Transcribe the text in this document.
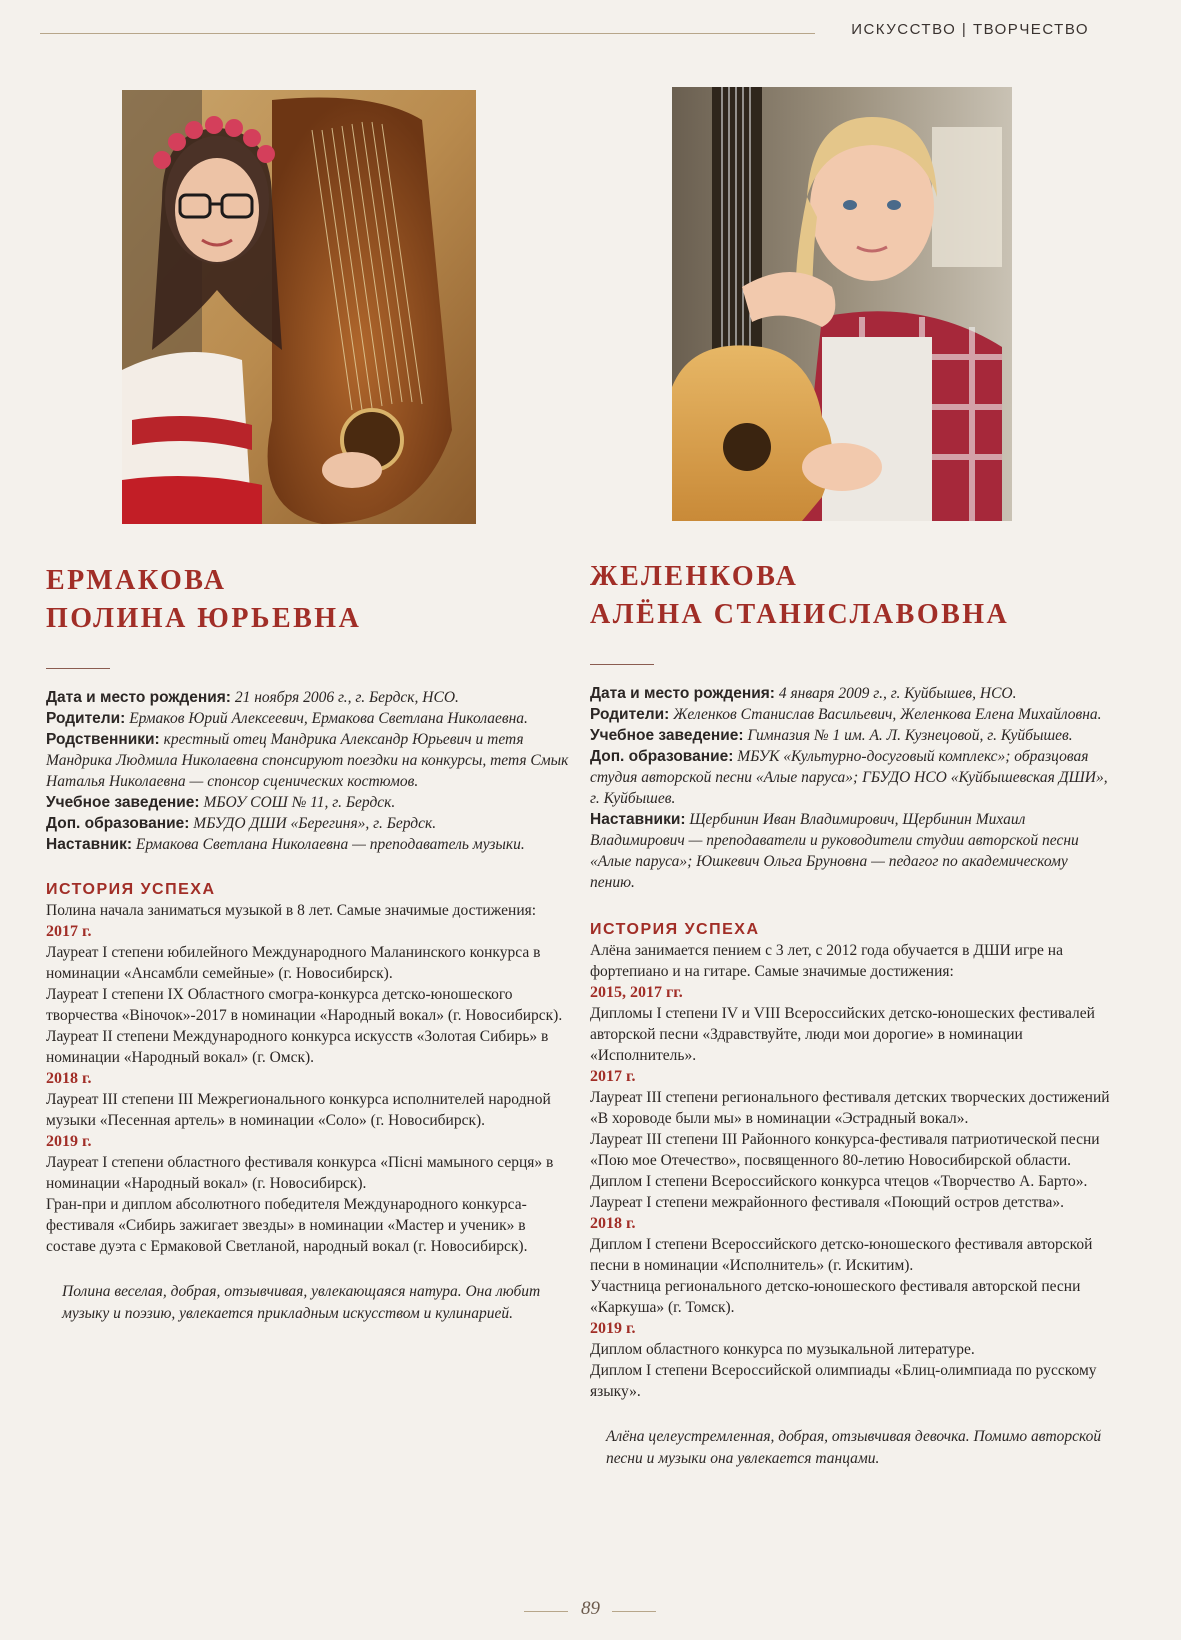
ИСКУССТВО | ТВОРЧЕСТВО
ЕРМАКОВА
ПОЛИНА ЮРЬЕВНА

Дата и место рождения: 21 ноября 2006 г., г. Бердск, НСО.

Родители: Ермаков Юрий Алексеевич, Ермакова Светлана Николаевна.

Родственники: крестный отец Мандрика Александр Юрьевич и тетя Мандрика Людмила Николаевна спонсируют поездки на конкурсы, тетя Смык Наталья Николаевна — спонсор сценических костюмов.

Учебное заведение: МБОУ СОШ № 11, г. Бердск.

Доп. образование: МБУДО ДШИ «Берегиня», г. Бердск.

Наставник: Ермакова Светлана Николаевна — преподаватель музыки.

ИСТОРИЯ УСПЕХА

Полина начала заниматься музыкой в 8 лет. Самые значимые достижения:

2017 г.

Лауреат I степени юбилейного Международного Маланинского конкурса в номинации «Ансамбли семейные» (г. Новосибирск).

Лауреат I степени IX Областного смогра-конкурса детско-юношеского творчества «Віночок»-2017 в номинации «Народный вокал» (г. Новосибирск).

Лауреат II степени Международного конкурса искусств «Золотая Сибирь» в номинации «Народный вокал» (г. Омск).

2018 г.

Лауреат III степени III Межрегионального конкурса исполнителей народной музыки «Песенная артель» в номинации «Соло» (г. Новосибирск).

2019 г.

Лауреат I степени областного фестиваля конкурса «Пісні мамыного серця» в номинации «Народный вокал» (г. Новосибирск).

Гран-при и диплом абсолютного победителя Международного конкурса-фестиваля «Сибирь зажигает звезды» в номинации «Мастер и ученик» в составе дуэта с Ермаковой Светланой, народный вокал (г. Новосибирск).

Полина веселая, добрая, отзывчивая, увлекающаяся натура. Она любит музыку и поэзию, увлекается прикладным искусством и кулинарией.

ЖЕЛЕНКОВА
АЛЁНА СТАНИСЛАВОВНА

Дата и место рождения: 4 января 2009 г., г. Куйбышев, НСО.

Родители: Желенков Станислав Васильевич, Желенкова Елена Михайловна.

Учебное заведение: Гимназия № 1 им. А. Л. Кузнецовой, г. Куйбышев.

Доп. образование: МБУК «Культурно-досуговый комплекс»; образцовая студия авторской песни «Алые паруса»; ГБУДО НСО «Куйбышевская ДШИ», г. Куйбышев.

Наставники: Щербинин Иван Владимирович, Щербинин Михаил Владимирович — преподаватели и руководители студии авторской песни «Алые паруса»; Юшкевич Ольга Бруновна — педагог по академическому пению.

ИСТОРИЯ УСПЕХА

Алёна занимается пением с 3 лет, с 2012 года обучается в ДШИ игре на фортепиано и на гитаре. Самые значимые достижения:

2015, 2017 гг.

Дипломы I степени IV и VIII Всероссийских детско-юношеских фестивалей авторской песни «Здравствуйте, люди мои дорогие» в номинации «Исполнитель».

2017 г.

Лауреат III степени регионального фестиваля детских творческих достижений «В хороводе были мы» в номинации «Эстрадный вокал».

Лауреат III степени III Районного конкурса-фестиваля патриотической песни «Пою мое Отечество», посвященного 80-летию Новосибирской области.

Диплом I степени Всероссийского конкурса чтецов «Творчество А. Барто».

Лауреат I степени межрайонного фестиваля «Поющий остров детства».

2018 г.

Диплом I степени Всероссийского детско-юношеского фестиваля авторской песни в номинации «Исполнитель» (г. Искитим).

Участница регионального детско-юношеского фестиваля авторской песни «Каркуша» (г. Томск).

2019 г.

Диплом областного конкурса по музыкальной литературе.

Диплом I степени Всероссийской олимпиады «Блиц-олимпиада по русскому языку».

Алёна целеустремленная, добрая, отзывчивая девочка. Помимо авторской песни и музыки она увлекается танцами.

89
